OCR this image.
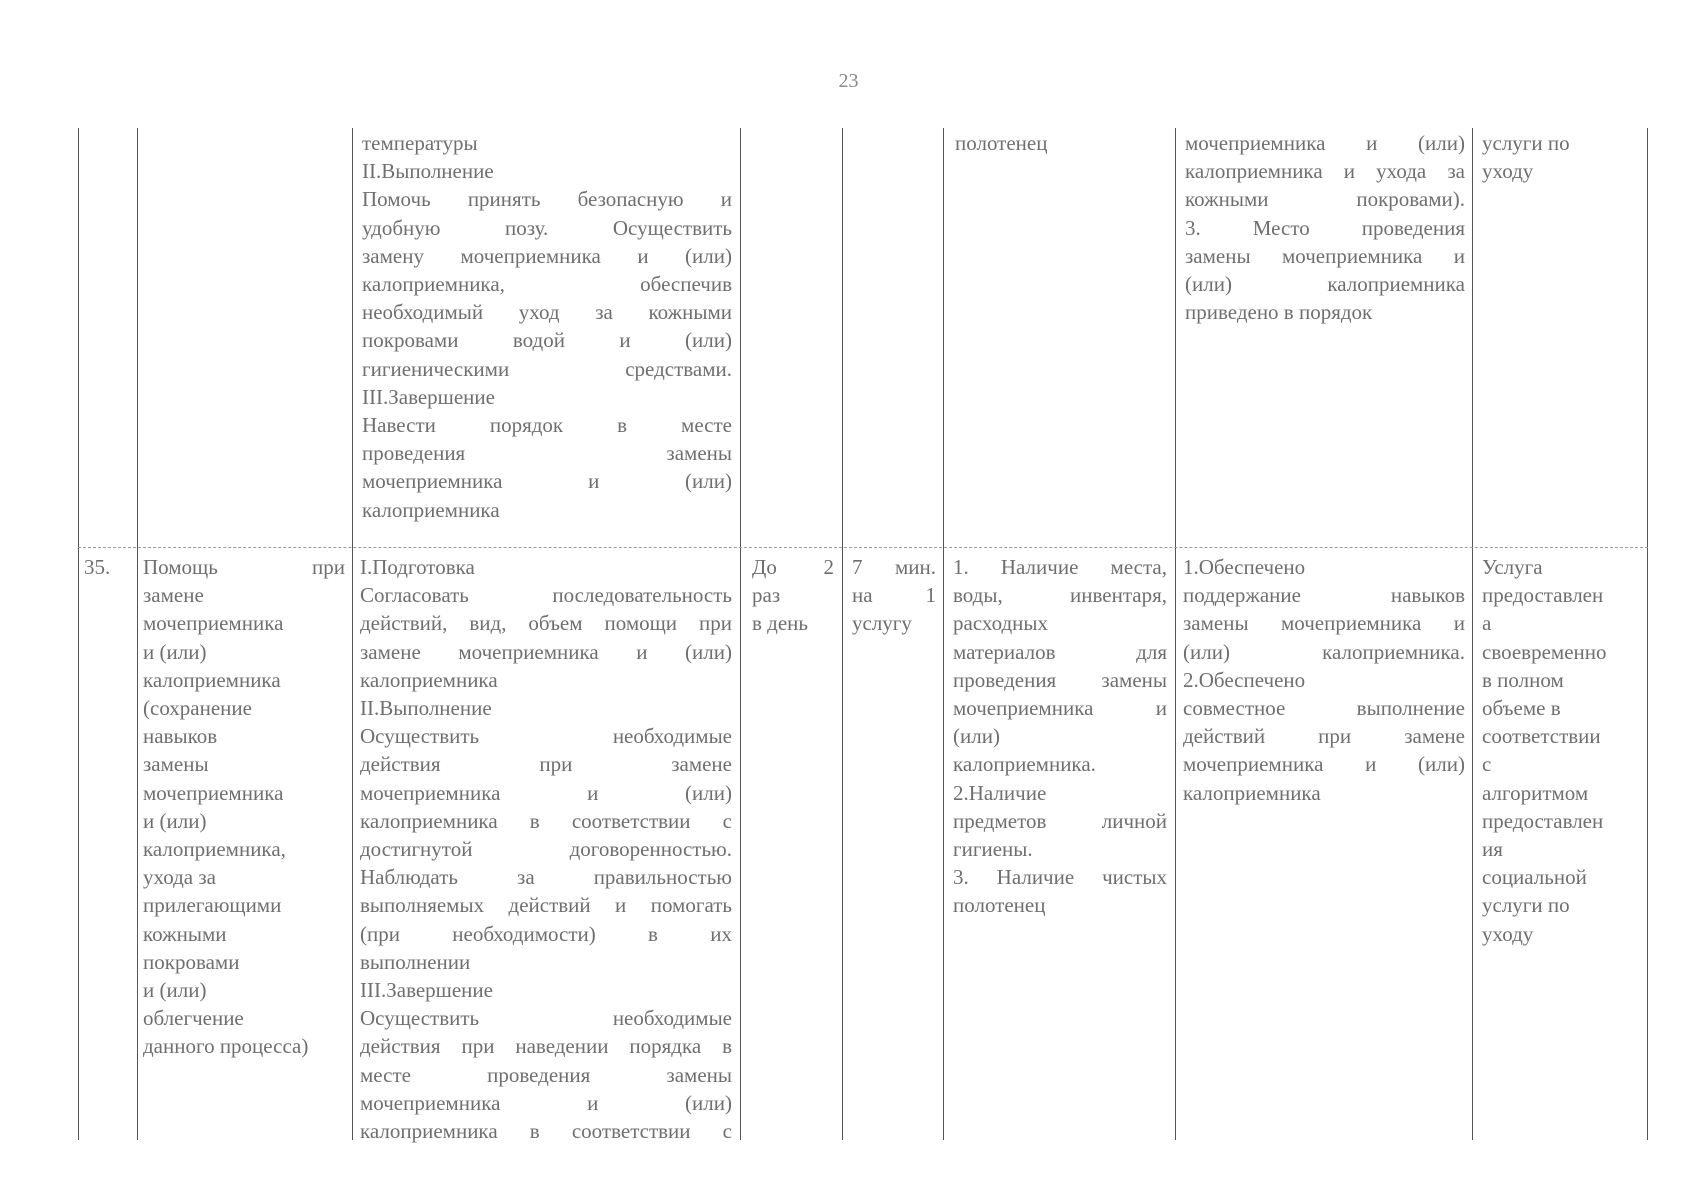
23
температуры
II.Выполнение
Помочь принять безопасную и
удобную позу. Осуществить
замену мочеприемника и (или)
калоприемника, обеспечив
необходимый уход за кожными
покровами водой и (или)
гигиеническими средствами.
III.Завершение
Навести порядок в месте
проведения замены
мочеприемника и (или)
калоприемника
полотенец	мочеприемника и (или)
калоприемника и ухода за
кожными покровами).
3. Место проведения
замены мочеприемника и
(или) калоприемника
приведено в порядок
услуги по
уходу
35.	Помощь при
замене
мочеприемника
и (или)
калоприемника
(сохранение
навыков
замены
мочеприемника
и (или)
калоприемника,
ухода за
прилегающими
кожными
покровами
и (или)
облегчение
данного процесса)
I.Подготовка
Согласовать последовательность
действий, вид, объем помощи при
замене мочеприемника и (или)
калоприемника
II.Выполнение
Осуществить необходимые
действия при замене
мочеприемника и (или)
калоприемника в соответствии с
достигнутой договоренностью.
Наблюдать за правильностью
выполняемых действий и помогать
(при необходимости) в их
выполнении
III.Завершение
Осуществить необходимые
действия при наведении порядка в
месте проведения замены
мочеприемника и (или)
калоприемника в соответствии с
До 2
раз
в день
7 мин.
на 1
услугу
1. Наличие места,
воды, инвентаря,
расходных
материалов для
проведения замены
мочеприемника и
(или)
калоприемника.
2.Наличие
предметов личной
гигиены.
3. Наличие чистых
полотенец
1.Обеспечено
поддержание навыков
замены мочеприемника и
(или) калоприемника.
2.Обеспечено
совместное выполнение
действий при замене
мочеприемника и (или)
калоприемника
Услуга
предоставлен
а
своевременно
в полном
объеме в
соответствии
с
алгоритмом
предоставлен
ия
социальной
услуги по
уходу
